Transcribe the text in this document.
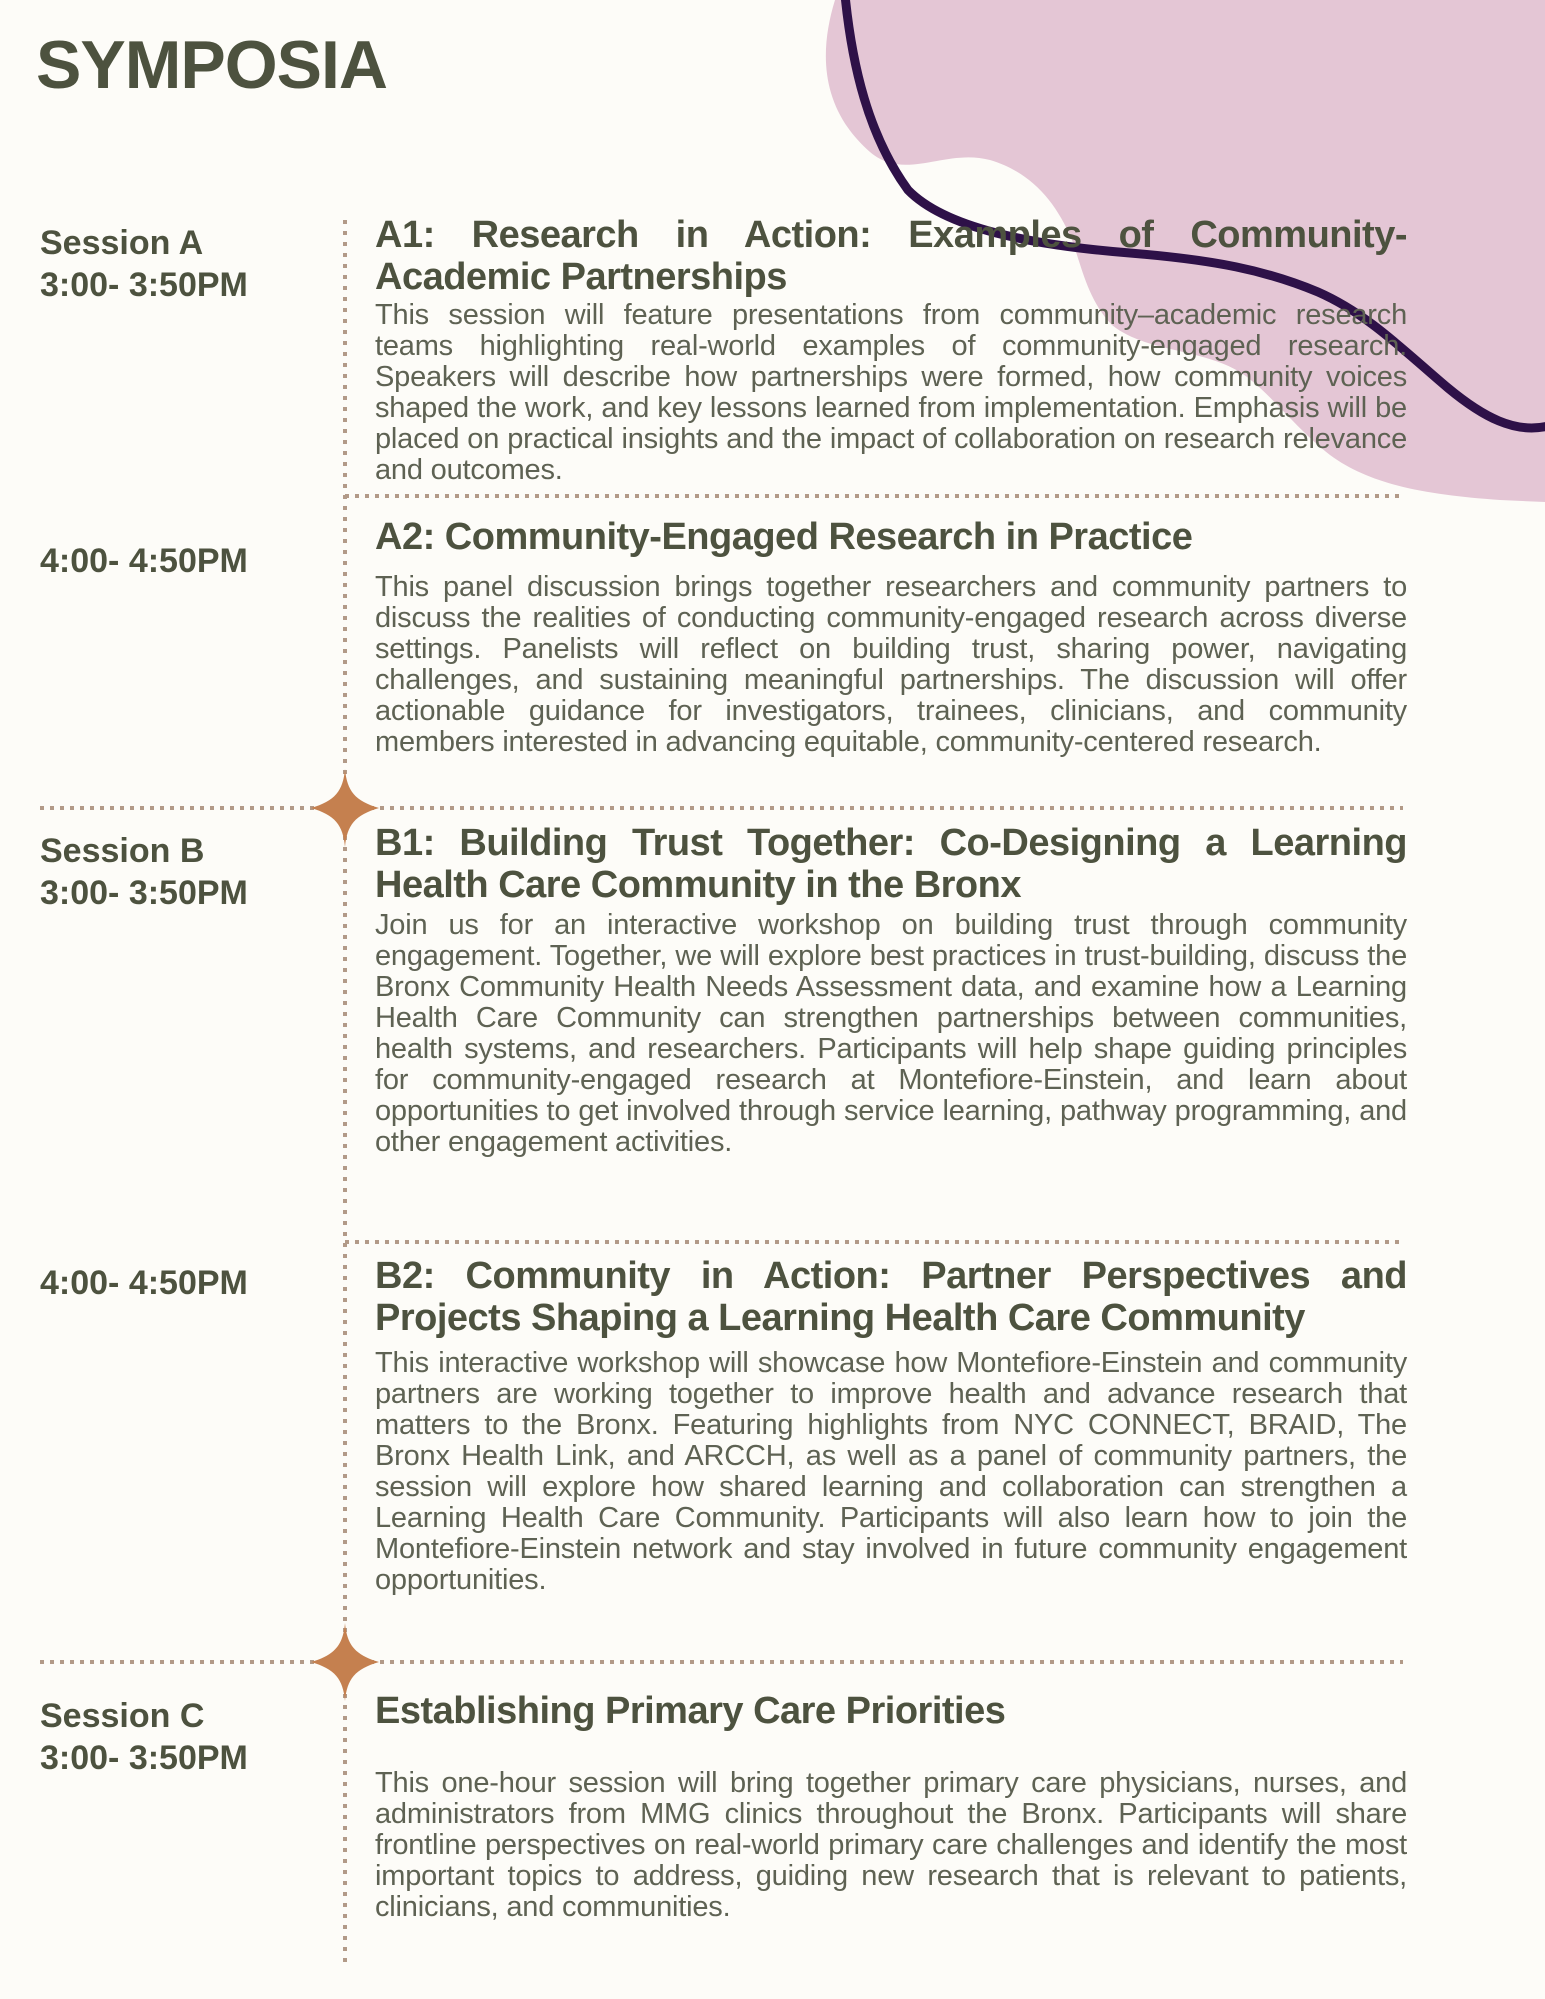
SYMPOSIA
Session A
3:00- 3:50PM
A1: Research in Action: Examples of Community-Academic Partnerships

This session will feature presentations from community–academic research teams highlighting real-world examples of community-engaged research. Speakers will describe how partnerships were formed, how community voices shaped the work, and key lessons learned from implementation. Emphasis will be placed on practical insights and the impact of collaboration on research relevance and outcomes.

4:00- 4:50PM
A2: Community-Engaged Research in Practice

This panel discussion brings together researchers and community partners to discuss the realities of conducting community-engaged research across diverse settings. Panelists will reflect on building trust, sharing power, navigating challenges, and sustaining meaningful partnerships. The discussion will offer actionable guidance for investigators, trainees, clinicians, and community members interested in advancing equitable, community-centered research.

Session B
3:00- 3:50PM
B1: Building Trust Together: Co-Designing a Learning Health Care Community in the Bronx

Join us for an interactive workshop on building trust through community engagement. Together, we will explore best practices in trust-building, discuss the Bronx Community Health Needs Assessment data, and examine how a Learning Health Care Community can strengthen partnerships between communities, health systems, and researchers. Participants will help shape guiding principles for community-engaged research at Montefiore-Einstein, and learn about opportunities to get involved through service learning, pathway programming, and other engagement activities.

4:00- 4:50PM	B2: Community in Action: Partner Perspectives and Projects Shaping a Learning Health Care Community

This interactive workshop will showcase how Montefiore-Einstein and community partners are working together to improve health and advance research that matters to the Bronx. Featuring highlights from NYC CONNECT, BRAID, The Bronx Health Link, and ARCCH, as well as a panel of community partners, the session will explore how shared learning and collaboration can strengthen a Learning Health Care Community. Participants will also learn how to join the Montefiore-Einstein network and stay involved in future community engagement opportunities.

Session C
3:00- 3:50PM
Establishing Primary Care Priorities

This one-hour session will bring together primary care physicians, nurses, and administrators from MMG clinics throughout the Bronx. Participants will share frontline perspectives on real-world primary care challenges and identify the most important topics to address, guiding new research that is relevant to patients, clinicians, and communities.
